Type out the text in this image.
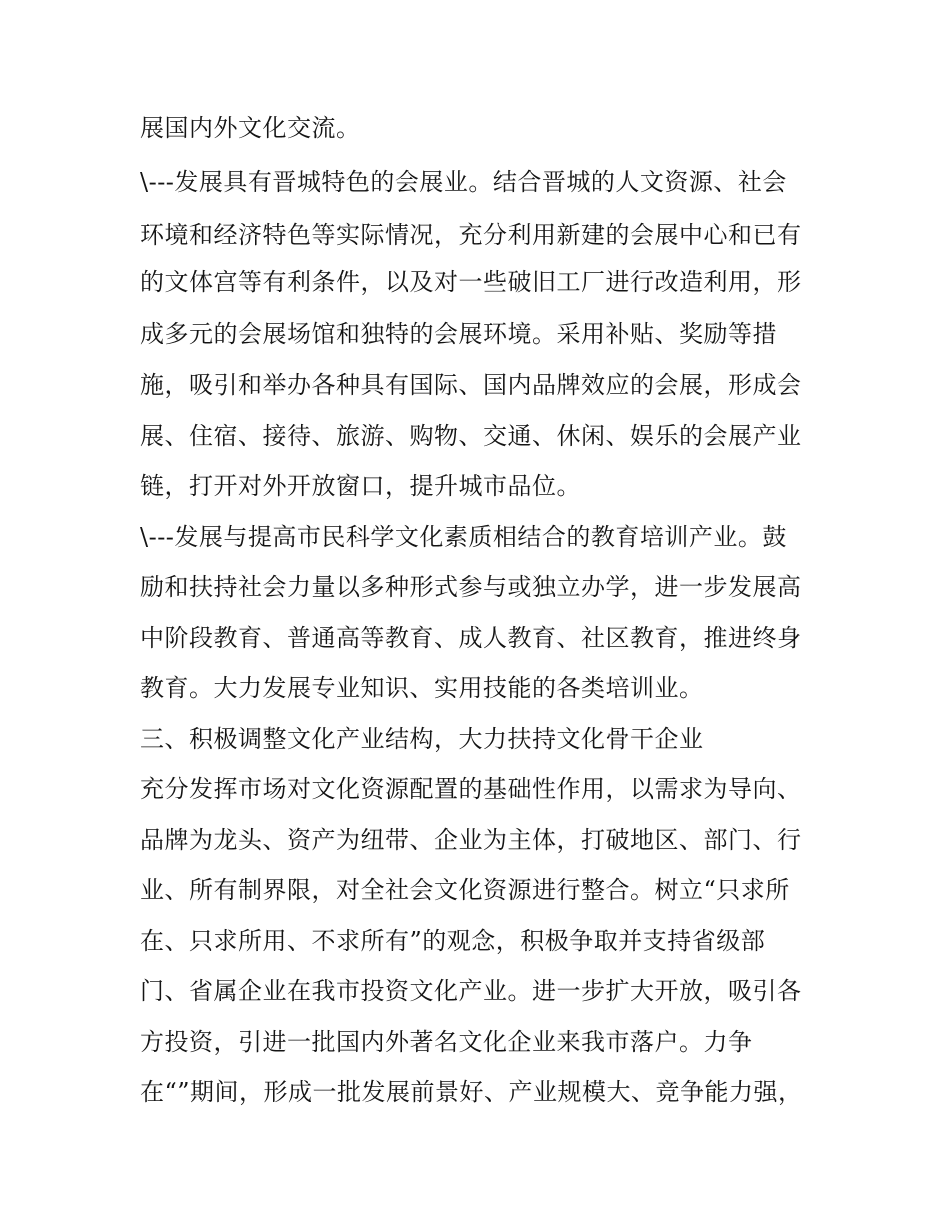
展国内外文化交流。
\---发展具有晋城特色的会展业。结合晋城的人文资源、社会
环境和经济特色等实际情况，充分利用新建的会展中心和已有
的文体宫等有利条件，以及对一些破旧工厂进行改造利用，形
成多元的会展场馆和独特的会展环境。采用补贴、奖励等措
施，吸引和举办各种具有国际、国内品牌效应的会展，形成会
展、住宿、接待、旅游、购物、交通、休闲、娱乐的会展产业
链，打开对外开放窗口，提升城市品位。
\---发展与提高市民科学文化素质相结合的教育培训产业。鼓
励和扶持社会力量以多种形式参与或独立办学，进一步发展高
中阶段教育、普通高等教育、成人教育、社区教育，推进终身
教育。大力发展专业知识、实用技能的各类培训业。
三、积极调整文化产业结构，大力扶持文化骨干企业
充分发挥市场对文化资源配置的基础性作用，以需求为导向、
品牌为龙头、资产为纽带、企业为主体，打破地区、部门、行
业、所有制界限，对全社会文化资源进行整合。树立“只求所
在、只求所用、不求所有”的观念，积极争取并支持省级部
门、省属企业在我市投资文化产业。进一步扩大开放，吸引各
方投资，引进一批国内外著名文化企业来我市落户。力争
在“”期间，形成一批发展前景好、产业规模大、竞争能力强，
